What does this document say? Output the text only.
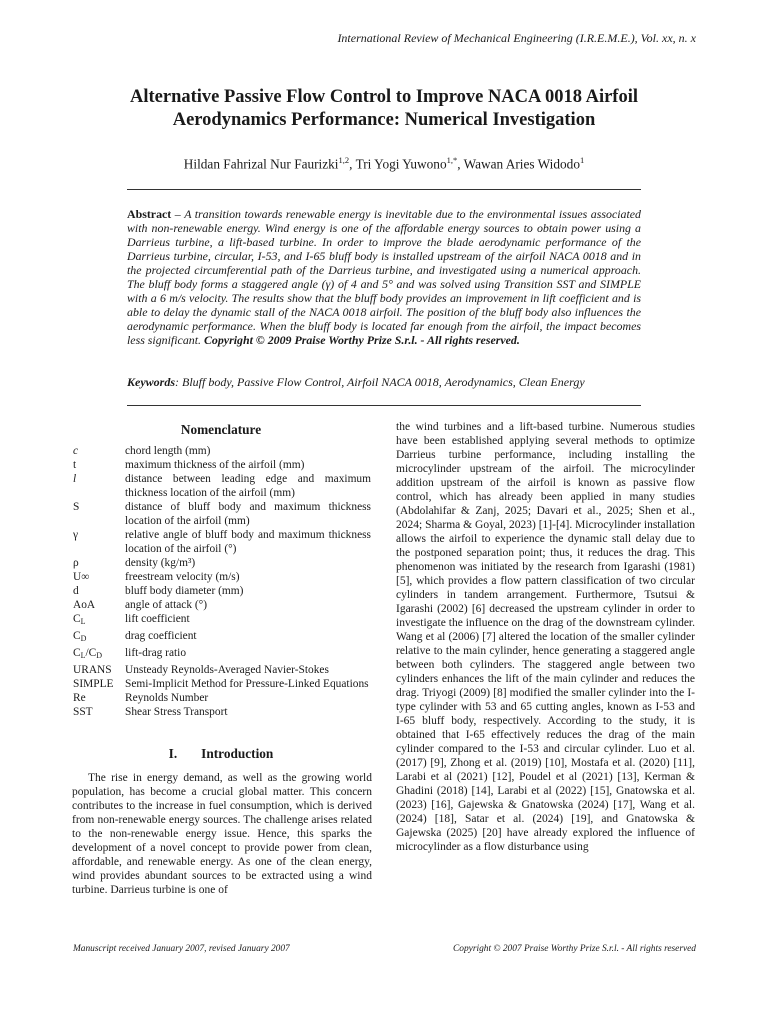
International Review of Mechanical Engineering (I.R.E.M.E.), Vol. xx, n. x
Alternative Passive Flow Control to Improve NACA 0018 Airfoil
Aerodynamics Performance: Numerical Investigation
Hildan Fahrizal Nur Faurizki$^{1,2}$, Tri Yogi Yuwono$^{1,*}$, Wawan Aries Widodo$^1$
Abstract – A transition towards renewable energy is inevitable due to the environmental issues associated with non-renewable energy. Wind energy is one of the affordable energy sources to obtain power using a Darrieus turbine, a lift-based turbine. In order to improve the blade aerodynamic performance of the Darrieus turbine, circular, I-53, and I-65 bluff body is installed upstream of the airfoil NACA 0018 and in the projected circumferential path of the Darrieus turbine, and investigated using a numerical approach. The bluff body forms a staggered angle (γ) of 4 and 5° and was solved using Transition SST and SIMPLE with a 6 m/s velocity. The results show that the bluff body provides an improvement in lift coefficient and is able to delay the dynamic stall of the NACA 0018 airfoil. The position of the bluff body also influences the aerodynamic performance. When the bluff body is located far enough from the airfoil, the impact becomes less significant. Copyright © 2009 Praise Worthy Prize S.r.l. - All rights reserved.
Keywords: Bluff body, Passive Flow Control, Airfoil NACA 0018, Aerodynamics, Clean Energy
Nomenclature
c	chord length (mm)
t	maximum thickness of the airfoil (mm)
l	distance between leading edge and maximum thickness location of the airfoil (mm)
S	distance of bluff body and maximum thickness location of the airfoil (mm)
γ	relative angle of bluff body and maximum thickness location of the airfoil (°)
ρ	density (kg/m³)
U∞	freestream velocity (m/s)
d	bluff body diameter (mm)
AoA	angle of attack (°)
$C_L$	lift coefficient
$C_D$	drag coefficient
$C_L/C_D$	lift-drag ratio
URANS	Unsteady Reynolds-Averaged Navier-Stokes
SIMPLE	Semi-Implicit Method for Pressure-Linked Equations
Re	Reynolds Number
SST	Shear Stress Transport
I. Introduction
The rise in energy demand, as well as the growing world population, has become a crucial global matter. This concern contributes to the increase in fuel consumption, which is derived from non-renewable energy sources. The challenge arises related to the non-renewable energy issue. Hence, this sparks the development of a novel concept to provide power from clean, affordable, and renewable energy. As one of the clean energy, wind provides abundant sources to be extracted using a wind turbine. Darrieus turbine is one of
the wind turbines and a lift-based turbine. Numerous studies have been established applying several methods to optimize Darrieus turbine performance, including installing the microcylinder upstream of the airfoil. The microcylinder addition upstream of the airfoil is known as passive flow control, which has already been applied in many studies (Abdolahifar & Zanj, 2025; Davari et al., 2025; Shen et al., 2024; Sharma & Goyal, 2023) [1]-[4]. Microcylinder installation allows the airfoil to experience the dynamic stall delay due to the postponed separation point; thus, it reduces the drag. This phenomenon was initiated by the research from Igarashi (1981) [5], which provides a flow pattern classification of two circular cylinders in tandem arrangement. Furthermore, Tsutsui & Igarashi (2002) [6] decreased the upstream cylinder in order to investigate the influence on the drag of the downstream cylinder. Wang et al (2006) [7] altered the location of the smaller cylinder relative to the main cylinder, hence generating a staggered angle between both cylinders. The staggered angle between two cylinders enhances the lift of the main cylinder and reduces the drag. Triyogi (2009) [8] modified the smaller cylinder into the I-type cylinder with 53 and 65 cutting angles, known as I-53 and I-65 bluff body, respectively. According to the study, it is obtained that I-65 effectively reduces the drag of the main cylinder compared to the I-53 and circular cylinder. Luo et al. (2017) [9], Zhong et al. (2019) [10], Mostafa et al. (2020) [11], Larabi et al (2021) [12], Poudel et al (2021) [13], Kerman & Ghadini (2018) [14], Larabi et al (2022) [15], Gnatowska et al. (2023) [16], Gajewska & Gnatowska (2024) [17], Wang et al. (2024) [18], Satar et al. (2024) [19], and Gnatowska & Gajewska (2025) [20] have already explored the influence of microcylinder as a flow disturbance using
Manuscript received January 2007, revised January 2007	Copyright © 2007 Praise Worthy Prize S.r.l. - All rights reserved
